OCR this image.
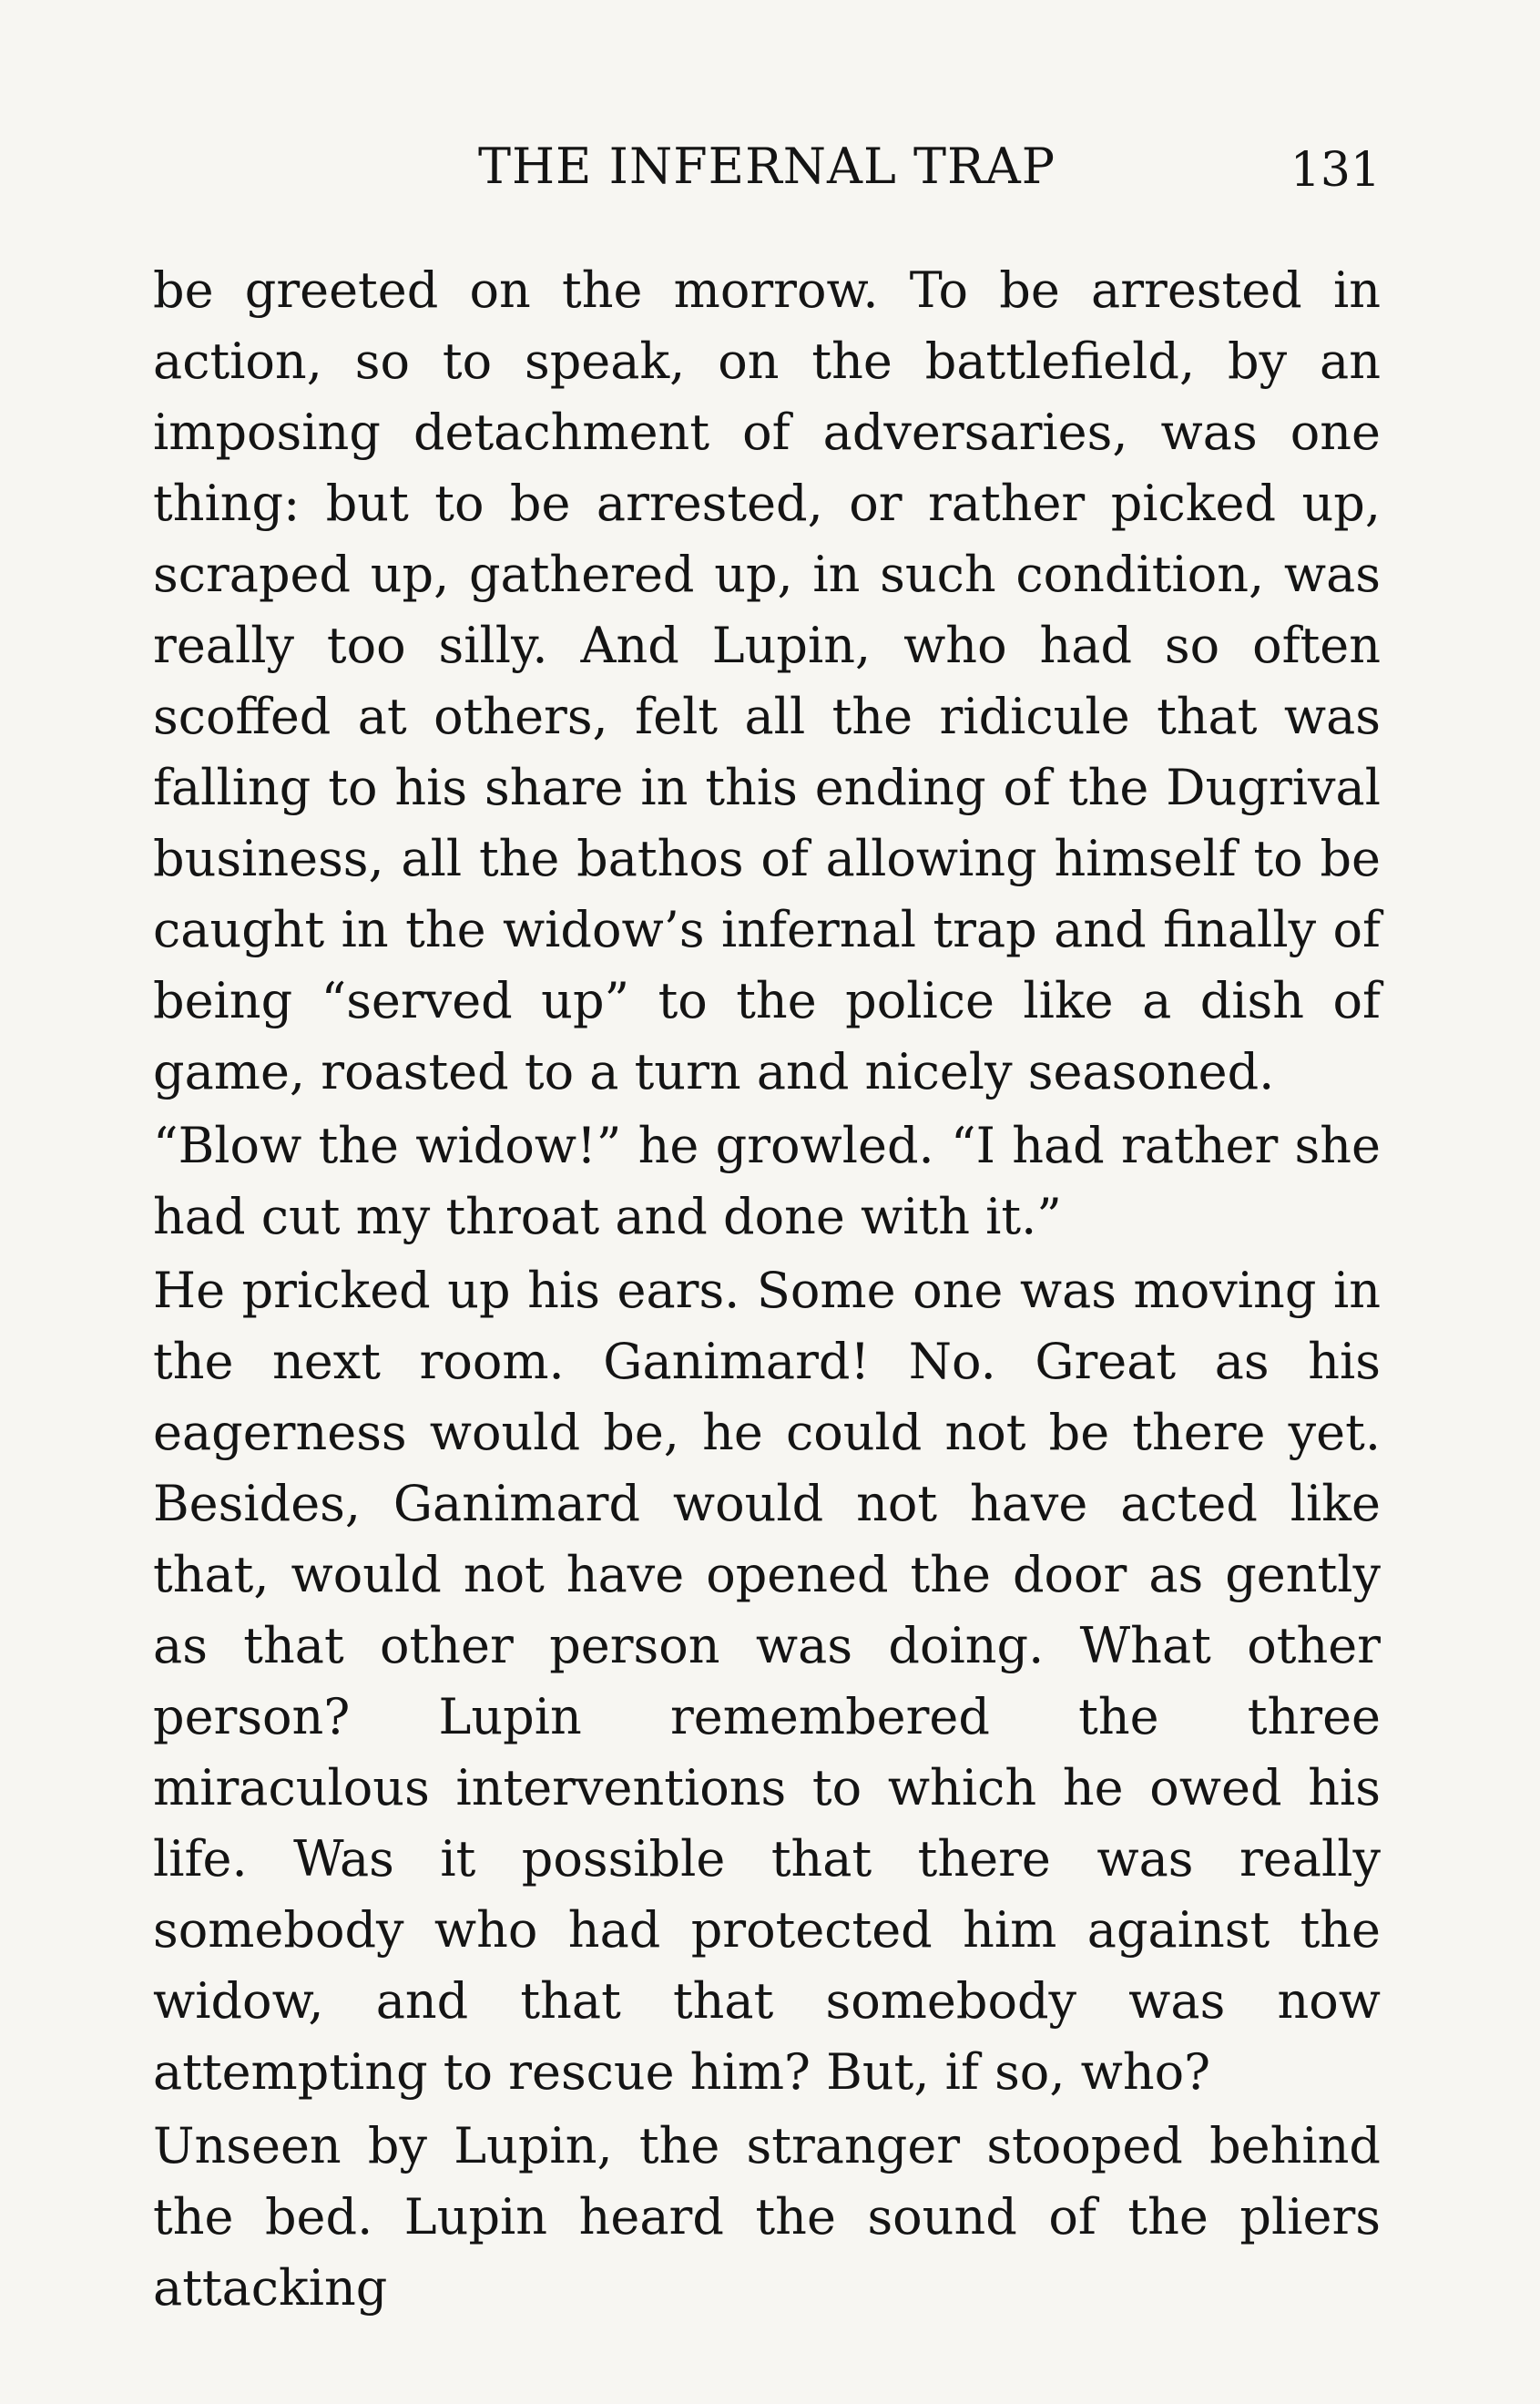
THE INFERNAL TRAP	131

be greeted on the morrow. To be arrested in action, so to speak, on the battlefield, by an imposing detachment of adversaries, was one thing: but to be arrested, or rather picked up, scraped up, gathered up, in such condition, was really too silly. And Lupin, who had so often scoffed at others, felt all the ridicule that was falling to his share in this ending of the Dugrival business, all the bathos of allowing himself to be caught in the widow’s infernal trap and finally of being “served up” to the police like a dish of game, roasted to a turn and nicely seasoned.

“Blow the widow!” he growled. “I had rather she had cut my throat and done with it.”

He pricked up his ears. Some one was moving in the next room. Ganimard! No. Great as his eagerness would be, he could not be there yet. Besides, Ganimard would not have acted like that, would not have opened the door as gently as that other person was doing. What other person? Lupin remembered the three miraculous interventions to which he owed his life. Was it possible that there was really somebody who had protected him against the widow, and that that somebody was now attempting to rescue him? But, if so, who?

Unseen by Lupin, the stranger stooped behind the bed. Lupin heard the sound of the pliers attacking
